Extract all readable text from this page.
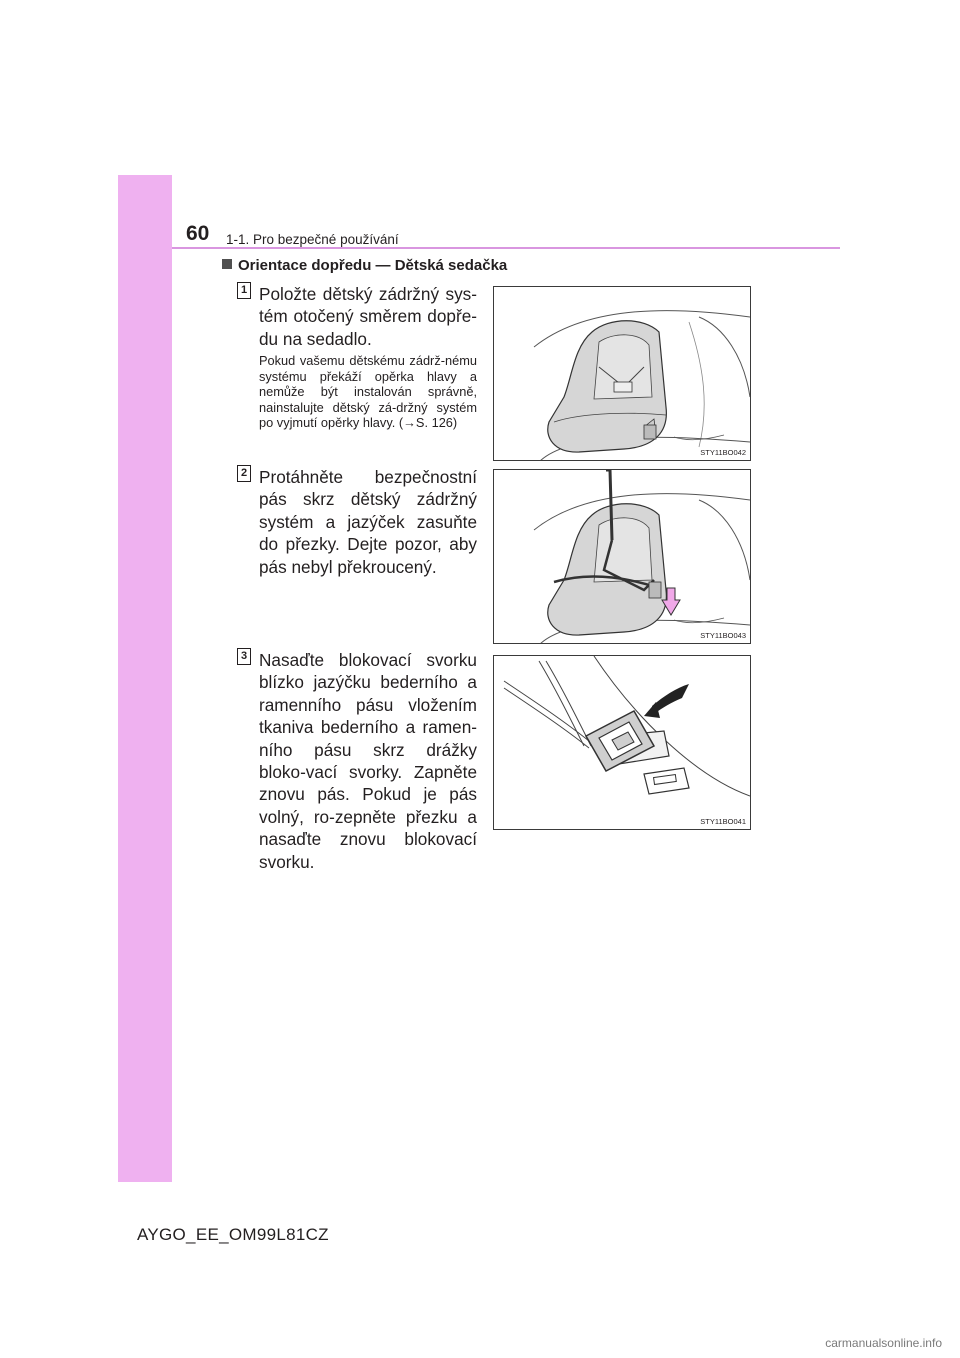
60 1-1. Pro bezpečné používání
Orientace dopředu — Dětská sedačka
1 Položte dětský zádržný sys-tém otočený směrem dopře-du na sedadlo.
Pokud vašemu dětskému zádrž-nému systému překáží opěrka hlavy a nemůže být instalován správně, nainstalujte dětský zá-držný systém po vyjmutí opěrky hlavy. (→S. 126)
STY11BO042
2 Protáhněte bezpečnostní pás skrz dětský zádržný systém a jazýček zasuňte do přezky. Dejte pozor, aby pás nebyl překroucený.
STY11BO043
3 Nasaďte blokovací svorku blízko jazýčku bederního a ramenního pásu vložením tkaniva bederního a ramen-ního pásu skrz drážky bloko-vací svorky. Zapněte znovu pás. Pokud je pás volný, ro-zepněte přezku a nasaďte znovu blokovací svorku.
STY11BO041
AYGO_EE_OM99L81CZ
carmanualsonline.info
